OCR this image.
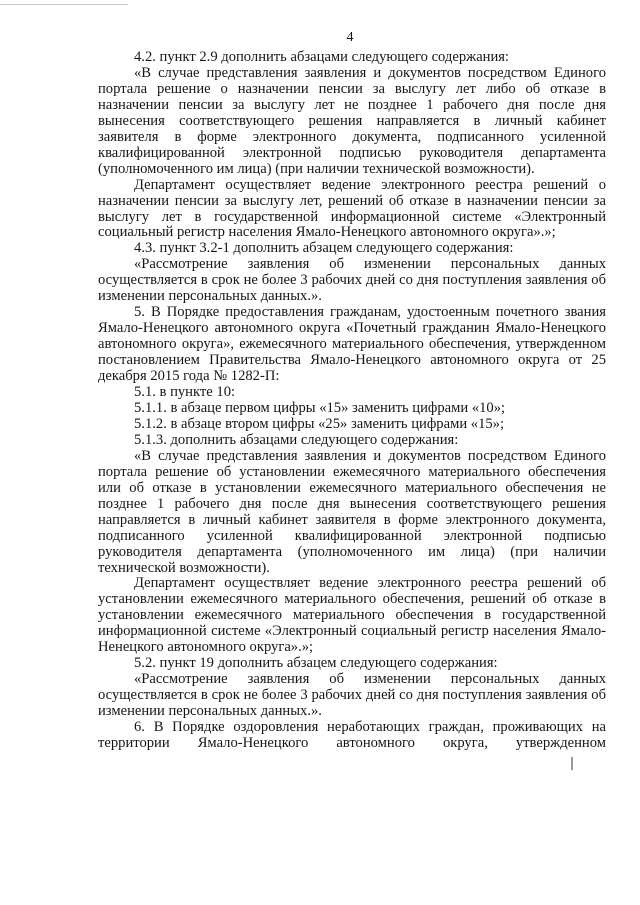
4

4.2. пункт 2.9 дополнить абзацами следующего содержания:

«В случае представления заявления и документов посредством Единого портала решение о назначении пенсии за выслугу лет либо об отказе в назначении пенсии за выслугу лет не позднее 1 рабочего дня после дня вынесения соответствующего решения направляется в личный кабинет заявителя в форме электронного документа, подписанного усиленной квалифицированной электронной подписью руководителя департамента (уполномоченного им лица) (при наличии технической возможности).

Департамент осуществляет ведение электронного реестра решений о назначении пенсии за выслугу лет, решений об отказе в назначении пенсии за выслугу лет в государственной информационной системе «Электронный социальный регистр населения Ямало-Ненецкого автономного округа».»;

4.3. пункт 3.2-1 дополнить абзацем следующего содержания:

«Рассмотрение заявления об изменении персональных данных осуществляется в срок не более 3 рабочих дней со дня поступления заявления об изменении персональных данных.».

5. В Порядке предоставления гражданам, удостоенным почетного звания Ямало-Ненецкого автономного округа «Почетный гражданин Ямало-Ненецкого автономного округа», ежемесячного материального обеспечения, утвержденном постановлением Правительства Ямало-Ненецкого автономного округа от 25 декабря 2015 года № 1282-П:

5.1. в пункте 10:

5.1.1. в абзаце первом цифры «15» заменить цифрами «10»;

5.1.2. в абзаце втором цифры «25» заменить цифрами «15»;

5.1.3. дополнить абзацами следующего содержания:

«В случае представления заявления и документов посредством Единого портала решение об установлении ежемесячного материального обеспечения или об отказе в установлении ежемесячного материального обеспечения не позднее 1 рабочего дня после дня вынесения соответствующего решения направляется в личный кабинет заявителя в форме электронного документа, подписанного усиленной квалифицированной электронной подписью руководителя департамента (уполномоченного им лица) (при наличии технической возможности).

Департамент осуществляет ведение электронного реестра решений об установлении ежемесячного материального обеспечения, решений об отказе в установлении ежемесячного материального обеспечения в государственной информационной системе «Электронный социальный регистр населения Ямало-Ненецкого автономного округа».»;

5.2. пункт 19 дополнить абзацем следующего содержания:

«Рассмотрение заявления об изменении персональных данных осуществляется в срок не более 3 рабочих дней со дня поступления заявления об изменении персональных данных.».

6. В Порядке оздоровления неработающих граждан, проживающих на территории Ямало-Ненецкого автономного округа, утвержденном
